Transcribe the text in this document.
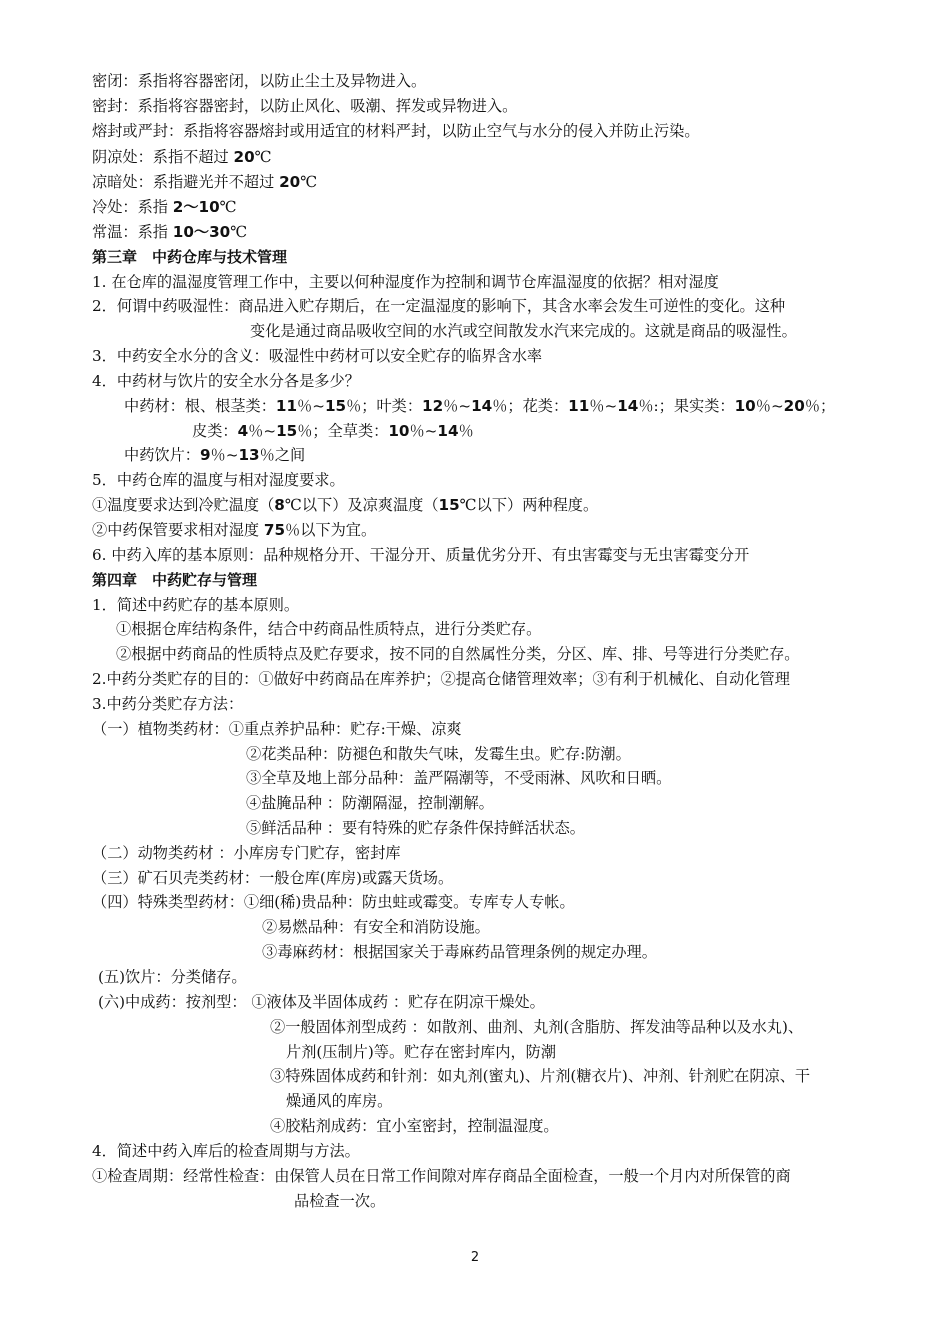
密闭：系指将容器密闭，以防止尘土及异物进入。
密封：系指将容器密封，以防止风化、吸潮、挥发或异物进入。
熔封或严封：系指将容器熔封或用适宜的材料严封，以防止空气与水分的侵入并防止污染。
阴凉处：系指不超过 20℃
凉暗处：系指避光并不超过 20℃
冷处：系指 2～10℃
常温：系指 10～30℃
第三章　中药仓库与技术管理
1. 在仓库的温湿度管理工作中，主要以何种湿度作为控制和调节仓库温湿度的依据？相对湿度
2．何谓中药吸湿性：商品进入贮存期后，在一定温湿度的影响下，其含水率会发生可逆性的变化。这种
变化是通过商品吸收空间的水汽或空间散发水汽来完成的。这就是商品的吸湿性。
3．中药安全水分的含义：吸湿性中药材可以安全贮存的临界含水率
4．中药材与饮片的安全水分各是多少？
中药材：根、根茎类：11％~15％；叶类：12％~14％；花类：11％~14％:；果实类：10％~20％；
皮类：4％~15％；全草类：10％~14％
中药饮片：9％~13％之间
5．中药仓库的温度与相对湿度要求。
①温度要求达到冷贮温度（8℃以下）及凉爽温度（15℃以下）两种程度。
②中药保管要求相对湿度 75％以下为宜。
6. 中药入库的基本原则：品种规格分开、干湿分开、质量优劣分开、有虫害霉变与无虫害霉变分开
第四章　中药贮存与管理
1．简述中药贮存的基本原则。
①根据仓库结构条件，结合中药商品性质特点，进行分类贮存。
②根据中药商品的性质特点及贮存要求，按不同的自然属性分类，分区、库、排、号等进行分类贮存。
2.中药分类贮存的目的：①做好中药商品在库养护；②提高仓储管理效率；③有利于机械化、自动化管理
3.中药分类贮存方法：
（一）植物类药材：①重点养护品种：贮存:干燥、凉爽
②花类品种：防褪色和散失气味，发霉生虫。贮存:防潮。
③全草及地上部分品种：盖严隔潮等，不受雨淋、风吹和日晒。
④盐腌品种 ：防潮隔湿，控制潮解。
⑤鲜活品种 ：要有特殊的贮存条件保持鲜活状态。
（二）动物类药材 ：小库房专门贮存，密封库
（三）矿石贝壳类药材：一般仓库(库房)或露天货场。
（四）特殊类型药材：①细(稀)贵品种：防虫蛀或霉变。专库专人专帐。
②易燃品种：有安全和消防设施。
③毒麻药材：根据国家关于毒麻药品管理条例的规定办理。
(五)饮片：分类储存。
(六)中成药：按剂型： ①液体及半固体成药 ：贮存在阴凉干燥处。
②一般固体剂型成药 ：如散剂、曲剂、丸剂(含脂肪、挥发油等品种以及水丸)、
片剂(压制片)等。贮存在密封库内，防潮
③特殊固体成药和针剂：如丸剂(蜜丸)、片剂(糖衣片)、冲剂、针剂贮在阴凉、干
燥通风的库房。
④胶粘剂成药：宜小室密封，控制温湿度。
4．简述中药入库后的检查周期与方法。
①检查周期：经常性检查：由保管人员在日常工作间隙对库存商品全面检查，一般一个月内对所保管的商
品检查一次。
2
